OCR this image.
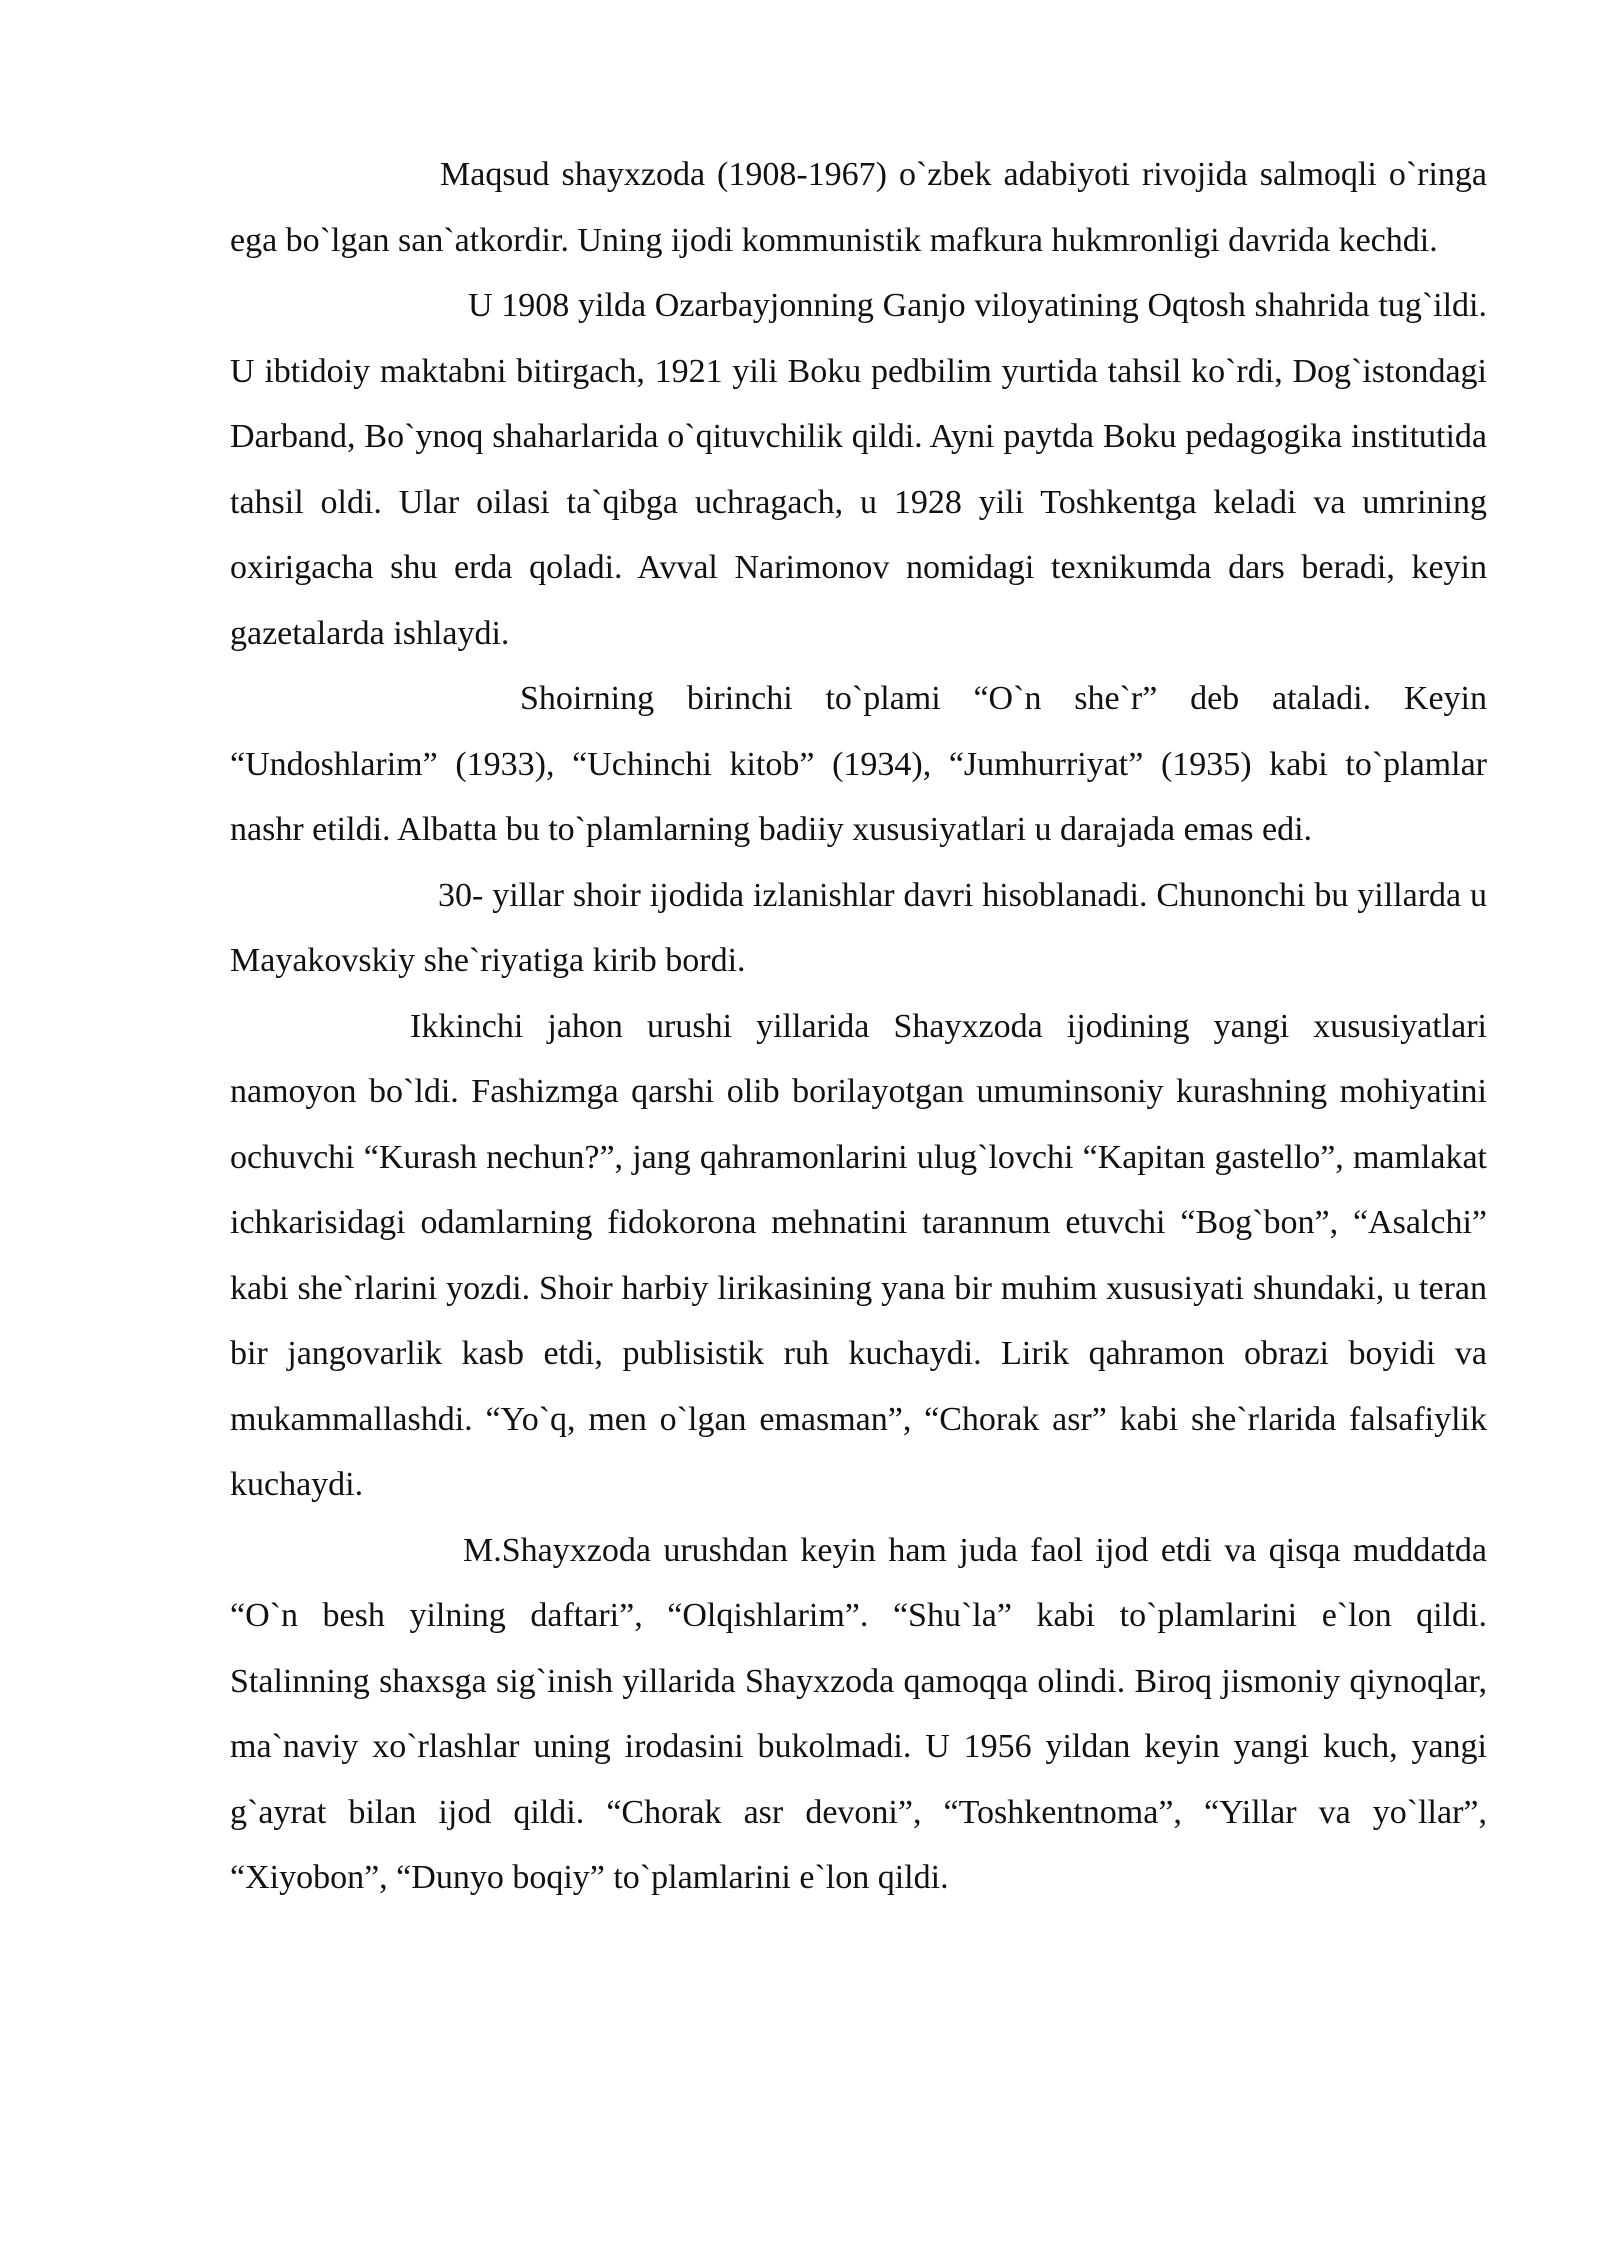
Maqsud shayxzoda (1908-1967) o`zbek adabiyoti rivojida salmoqli o`ringa ega bo`lgan san`atkordir. Uning ijodi kommunistik mafkura hukmronligi davrida kechdi.

U 1908 yilda Ozarbayjonning Ganjo viloyatining Oqtosh shahrida tug`ildi. U ibtidoiy maktabni bitirgach, 1921 yili Boku pedbilim yurtida tahsil ko`rdi, Dog`istondagi Darband, Bo`ynoq shaharlarida o`qituvchilik qildi. Ayni paytda Boku pedagogika institutida tahsil oldi. Ular oilasi ta`qibga uchragach, u 1928 yili Toshkentga keladi va umrining oxirigacha shu erda qoladi. Avval Narimonov nomidagi texnikumda dars beradi, keyin gazetalarda ishlaydi.

Shoirning birinchi to`plami “O`n she`r” deb ataladi. Keyin “Undoshlarim” (1933), “Uchinchi kitob” (1934), “Jumhurriyat” (1935) kabi to`plamlar nashr etildi. Albatta bu to`plamlarning badiiy xususiyatlari u darajada emas edi.

30- yillar shoir ijodida izlanishlar davri hisoblanadi. Chunonchi bu yillarda u Mayakovskiy she`riyatiga kirib bordi.

Ikkinchi jahon urushi yillarida Shayxzoda ijodining yangi xususiyatlari namoyon bo`ldi. Fashizmga qarshi olib borilayotgan umuminsoniy kurashning mohiyatini ochuvchi “Kurash nechun?”, jang qahramonlarini ulug`lovchi “Kapitan gastello”, mamlakat ichkarisidagi odamlarning fidokorona mehnatini tarannum etuvchi “Bog`bon”, “Asalchi” kabi she`rlarini yozdi. Shoir harbiy lirikasining yana bir muhim xususiyati shundaki, u teran bir jangovarlik kasb etdi, publisistik ruh kuchaydi. Lirik qahramon obrazi boyidi va mukammallashdi. “Yo`q, men o`lgan emasman”, “Chorak asr” kabi she`rlarida falsafiylik kuchaydi.

M.Shayxzoda urushdan keyin ham juda faol ijod etdi va qisqa muddatda “O`n besh yilning daftari”, “Olqishlarim”. “Shu`la” kabi to`plamlarini e`lon qildi. Stalinning shaxsga sig`inish yillarida Shayxzoda qamoqqa olindi. Biroq jismoniy qiynoqlar, ma`naviy xo`rlashlar uning irodasini bukolmadi. U 1956 yildan keyin yangi kuch, yangi g`ayrat bilan ijod qildi. “Chorak asr devoni”, “Toshkentnoma”, “Yillar va yo`llar”, “Xiyobon”, “Dunyo boqiy” to`plamlarini e`lon qildi.
